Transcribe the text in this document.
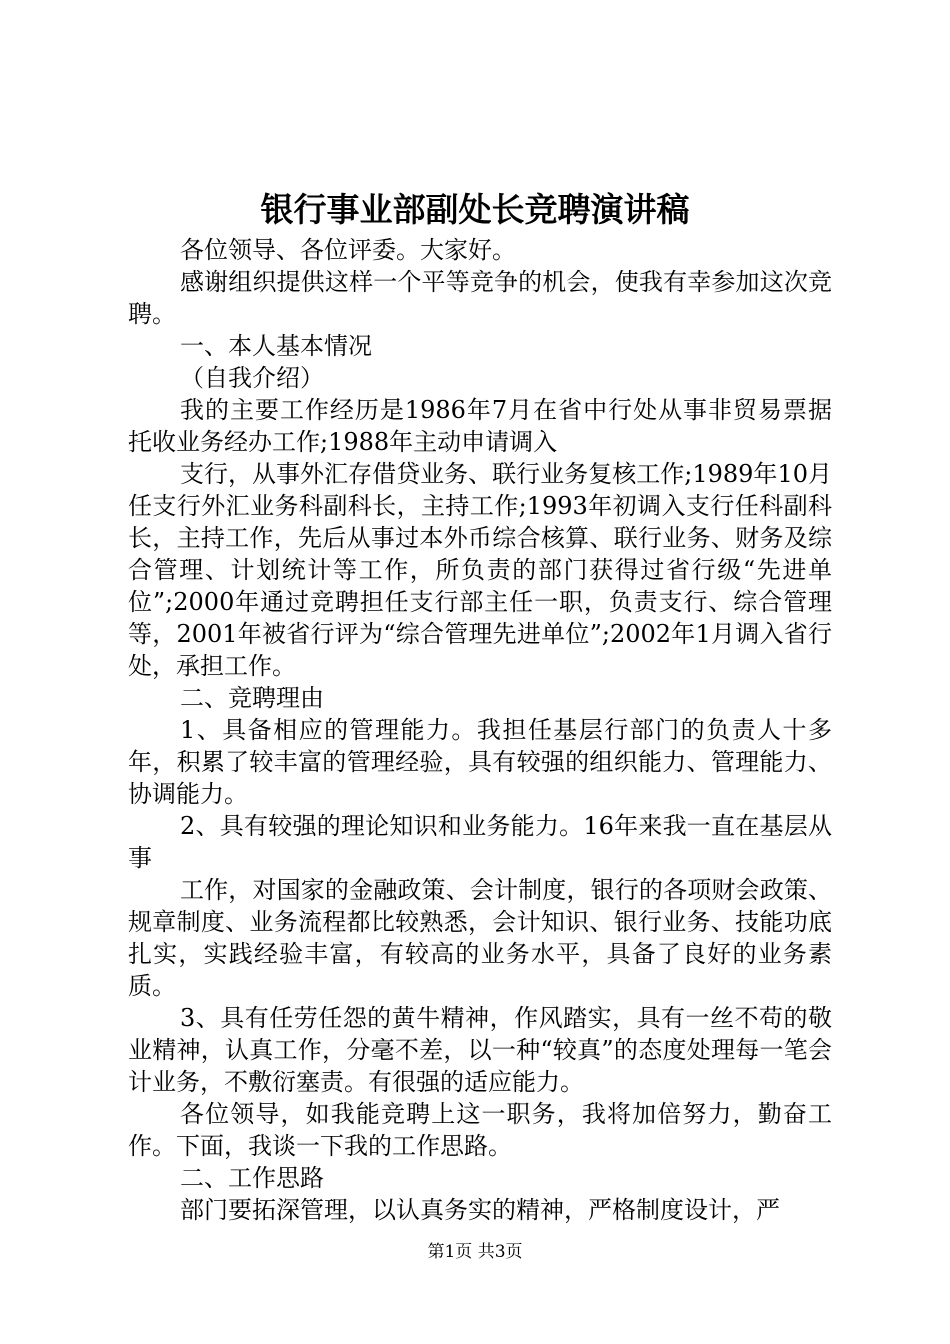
银行事业部副处长竞聘演讲稿

各位领导、各位评委。大家好。

感谢组织提供这样一个平等竞争的机会，使我有幸参加这次竞聘。

一、本人基本情况

（自我介绍）

我的主要工作经历是1986年7月在省中行处从事非贸易票据托收业务经办工作;1988年主动申请调入

支行，从事外汇存借贷业务、联行业务复核工作;1989年10月任支行外汇业务科副科长，主持工作;1993年初调入支行任科副科长，主持工作，先后从事过本外币综合核算、联行业务、财务及综合管理、计划统计等工作，所负责的部门获得过省行级“先进单位”;2000年通过竞聘担任支行部主任一职，负责支行、综合管理等，2001年被省行评为“综合管理先进单位”;2002年1月调入省行处，承担工作。

二、竞聘理由

1、具备相应的管理能力。我担任基层行部门的负责人十多年，积累了较丰富的管理经验，具有较强的组织能力、管理能力、协调能力。

2、具有较强的理论知识和业务能力。16年来我一直在基层从事

工作，对国家的金融政策、会计制度，银行的各项财会政策、规章制度、业务流程都比较熟悉，会计知识、银行业务、技能功底扎实，实践经验丰富，有较高的业务水平，具备了良好的业务素质。

3、具有任劳任怨的黄牛精神，作风踏实，具有一丝不苟的敬业精神，认真工作，分毫不差，以一种“较真”的态度处理每一笔会计业务，不敷衍塞责。有很强的适应能力。

各位领导，如我能竞聘上这一职务，我将加倍努力，勤奋工作。下面，我谈一下我的工作思路。

二、工作思路

部门要拓深管理，以认真务实的精神，严格制度设计，严

第1页 共3页
